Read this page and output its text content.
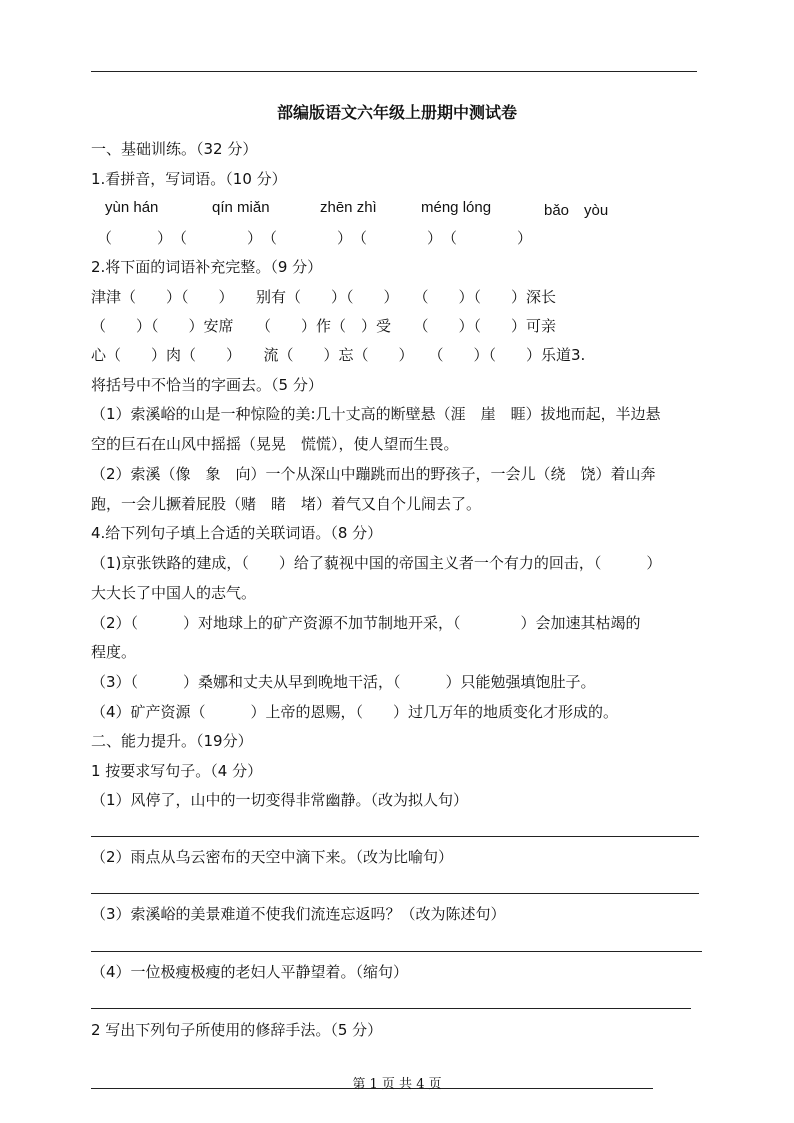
部编版语文六年级上册期中测试卷
一、基础训练。（32 分）
1.看拼音，写词语。（10 分）
yùn hán	qín miǎn	zhēn zhì	méng lóng	bǎo　yòu
（　　　）　（　　　　）　（　　　　）　（　　　　）　（　　　　）
2.将下面的词语补充完整。（9 分）
津津（　　）（　　）　　别有（　　）（　　）　　（　　）（　　）深长
（　　）（　　）安席　　（　　）作（　）受　　（　　）（　　）可亲
心（　　）肉（　　）　　流（　　）忘（　　）　　（　　）（　　）乐道3.
将括号中不恰当的字画去。（5 分）
（1）索溪峪的山是一种惊险的美:几十丈高的断壁悬（涯　崖　睚）拔地而起，半边悬
空的巨石在山风中摇摇（晃晃　慌慌），使人望而生畏。
（2）索溪（像　象　向）一个从深山中蹦跳而出的野孩子，一会儿（绕　饶）着山奔
跑，一会儿撅着屁股（赌　睹　堵）着气又自个儿闹去了。
4.给下列句子填上合适的关联词语。（8 分）
（1)京张铁路的建成，（　　）给了藐视中国的帝国主义者一个有力的回击，（　　　）
大大长了中国人的志气。
（2）（　　　）对地球上的矿产资源不加节制地开采，（　　　　）会加速其枯竭的
程度。
（3）（　　　）桑娜和丈夫从早到晚地干活，（　　　）只能勉强填饱肚子。
（4）矿产资源（　　　）上帝的恩赐，（　　）过几万年的地质变化才形成的。
二、能力提升。（19分）
1 按要求写句子。（4 分）
（1）风停了，山中的一切变得非常幽静。（改为拟人句）
（2）雨点从乌云密布的天空中滴下来。（改为比喻句）
（3）索溪峪的美景难道不使我们流连忘返吗？（改为陈述句）
（4）一位极瘦极瘦的老妇人平静望着。（缩句）
2 写出下列句子所使用的修辞手法。（5 分）
第 1 页 共 4 页
